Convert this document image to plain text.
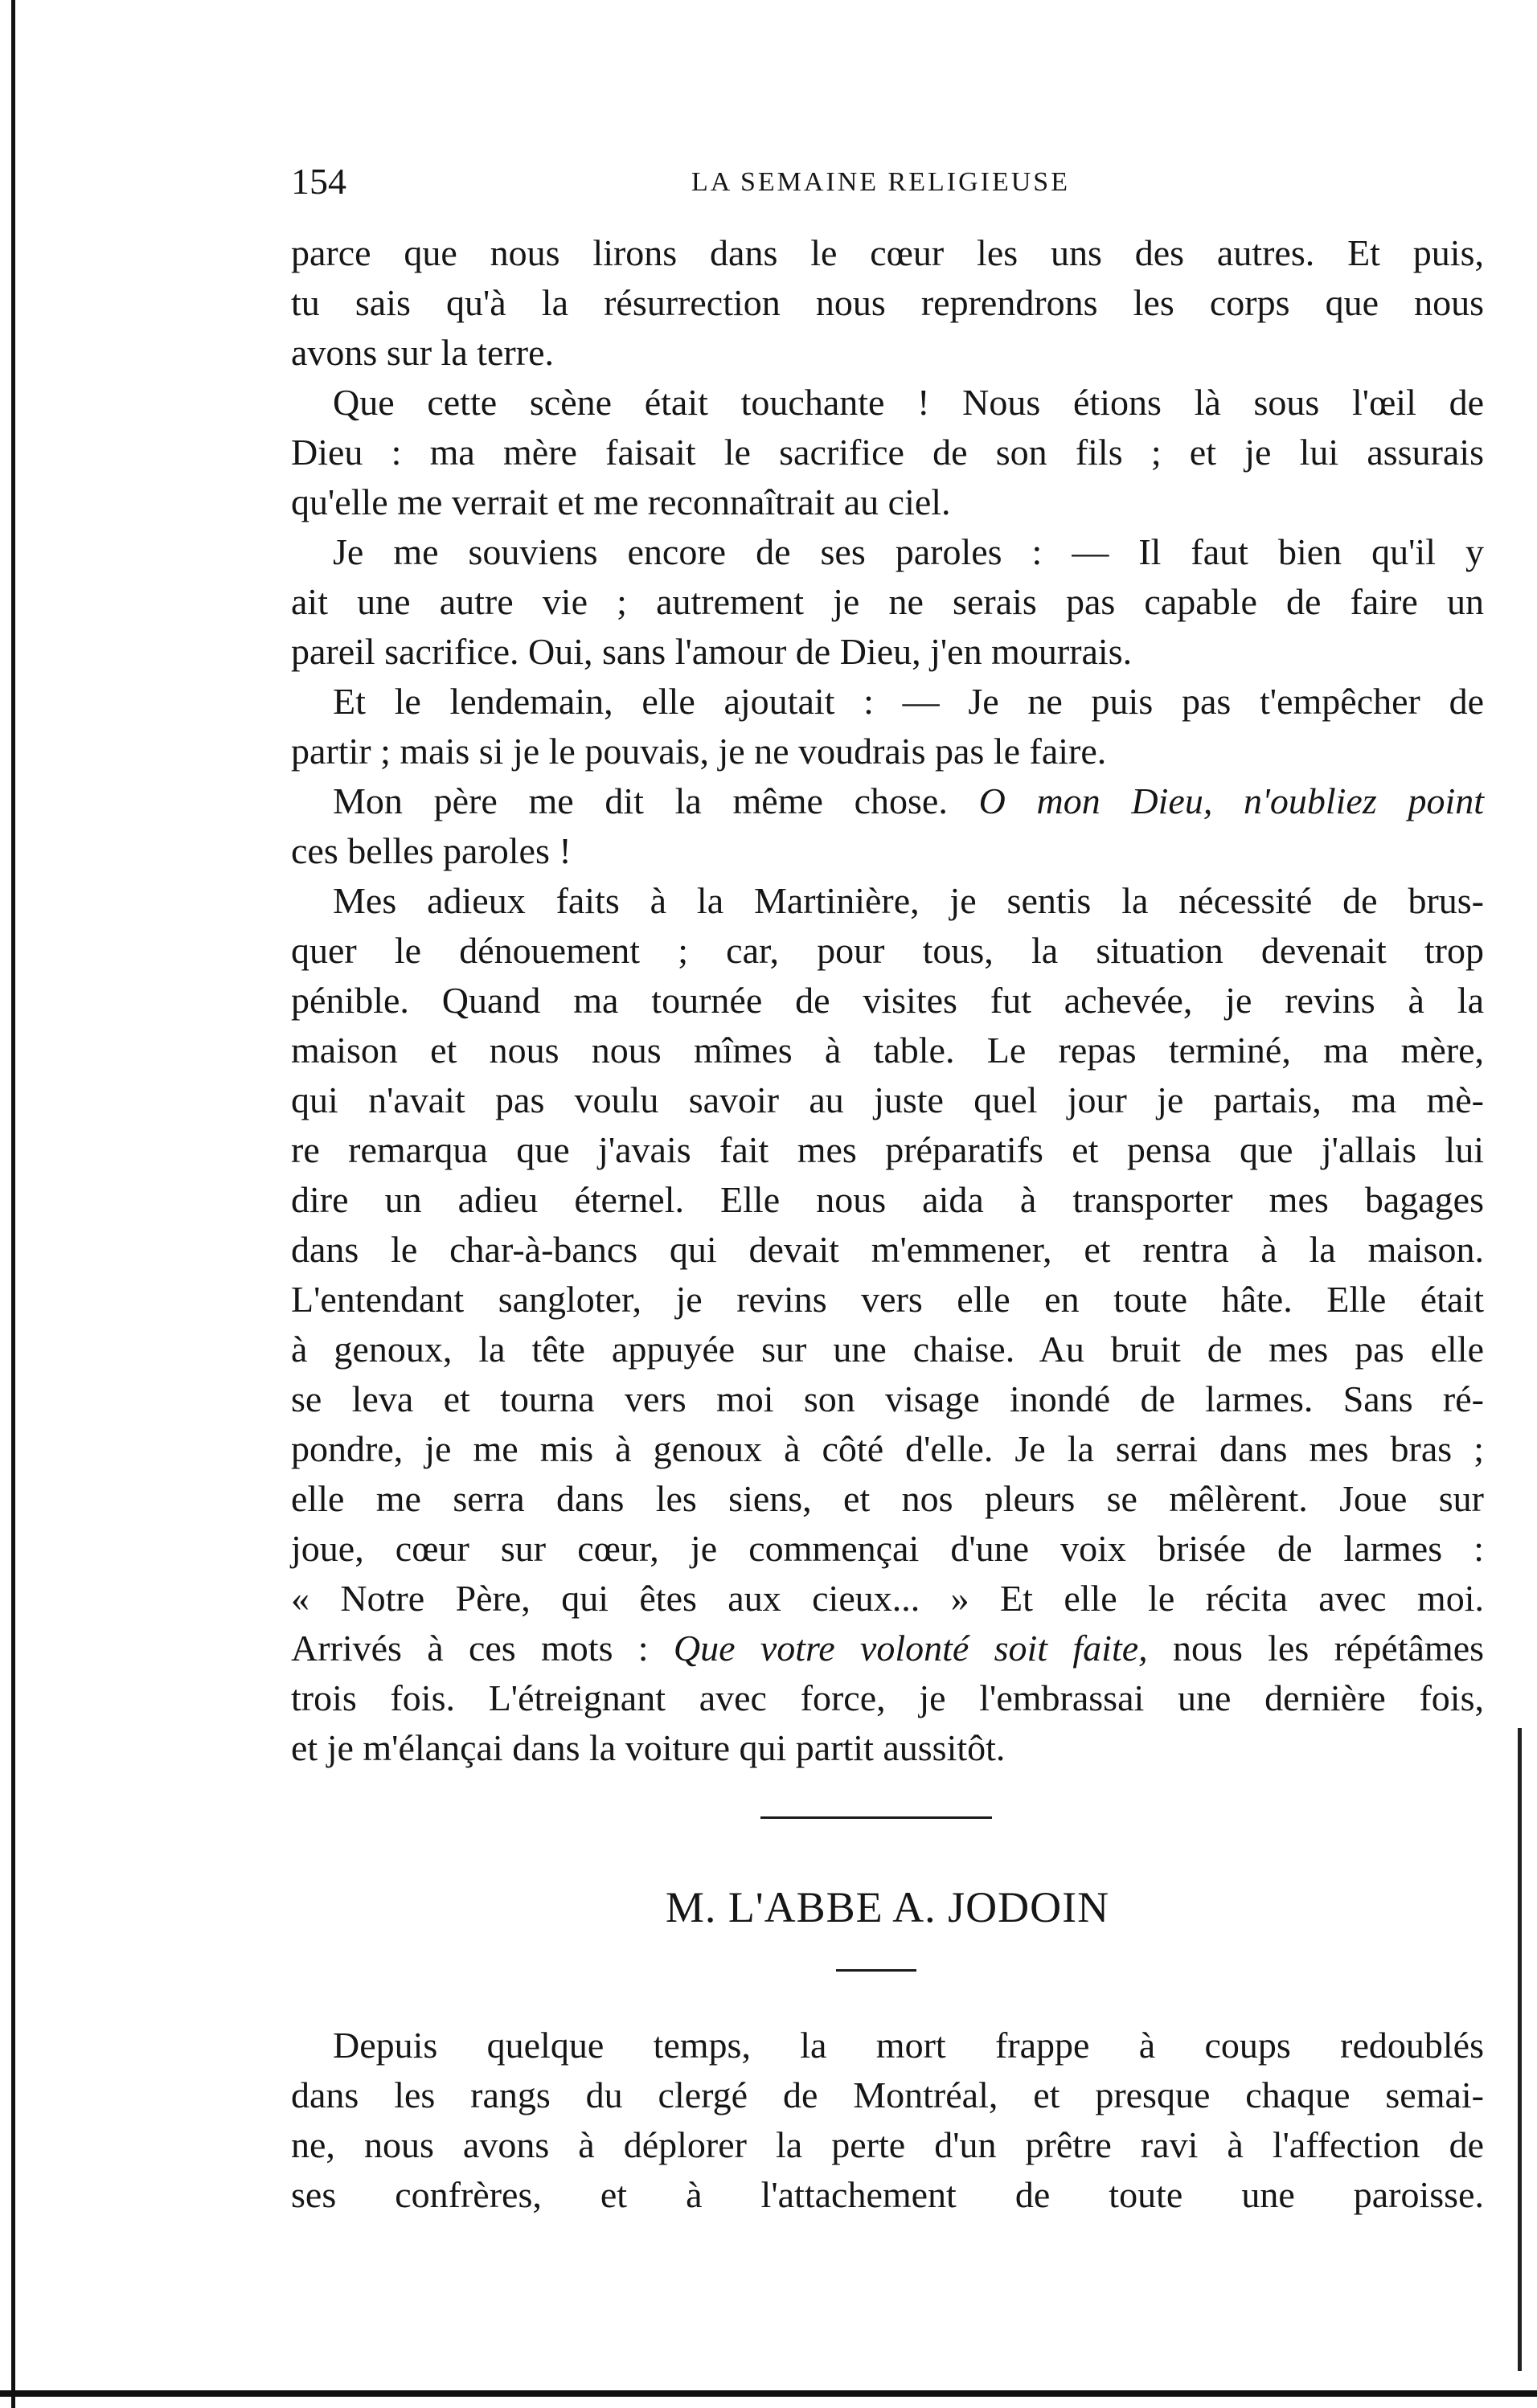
154	LA SEMAINE RELIGIEUSE
parce que nous lirons dans le cœur les uns des autres. Et puis,
tu sais qu'à la résurrection nous reprendrons les corps que nous
avons sur la terre.
Que cette scène était touchante ! Nous étions là sous l'œil de
Dieu : ma mère faisait le sacrifice de son fils ; et je lui assurais
qu'elle me verrait et me reconnaîtrait au ciel.
Je me souviens encore de ses paroles : — Il faut bien qu'il y
ait une autre vie ; autrement je ne serais pas capable de faire un
pareil sacrifice. Oui, sans l'amour de Dieu, j'en mourrais.
Et le lendemain, elle ajoutait : — Je ne puis pas t'empêcher de
partir ; mais si je le pouvais, je ne voudrais pas le faire.
Mon père me dit la même chose. O mon Dieu, n'oubliez point
ces belles paroles !
Mes adieux faits à la Martinière, je sentis la nécessité de brus-
quer le dénouement ; car, pour tous, la situation devenait trop
pénible. Quand ma tournée de visites fut achevée, je revins à la
maison et nous nous mîmes à table. Le repas terminé, ma mère,
qui n'avait pas voulu savoir au juste quel jour je partais, ma mè-
re remarqua que j'avais fait mes préparatifs et pensa que j'allais lui
dire un adieu éternel. Elle nous aida à transporter mes bagages
dans le char-à-bancs qui devait m'emmener, et rentra à la maison.
L'entendant sangloter, je revins vers elle en toute hâte. Elle était
à genoux, la tête appuyée sur une chaise. Au bruit de mes pas elle
se leva et tourna vers moi son visage inondé de larmes. Sans ré-
pondre, je me mis à genoux à côté d'elle. Je la serrai dans mes bras ;
elle me serra dans les siens, et nos pleurs se mêlèrent. Joue sur
joue, cœur sur cœur, je commençai d'une voix brisée de larmes :
« Notre Père, qui êtes aux cieux... » Et elle le récita avec moi.
Arrivés à ces mots : Que votre volonté soit faite, nous les répétâmes
trois fois. L'étreignant avec force, je l'embrassai une dernière fois,
et je m'élançai dans la voiture qui partit aussitôt.
M. L'ABBE A. JODOIN
Depuis quelque temps, la mort frappe à coups redoublés
dans les rangs du clergé de Montréal, et presque chaque semai-
ne, nous avons à déplorer la perte d'un prêtre ravi à l'affection de
ses confrères, et à l'attachement de toute une paroisse.
